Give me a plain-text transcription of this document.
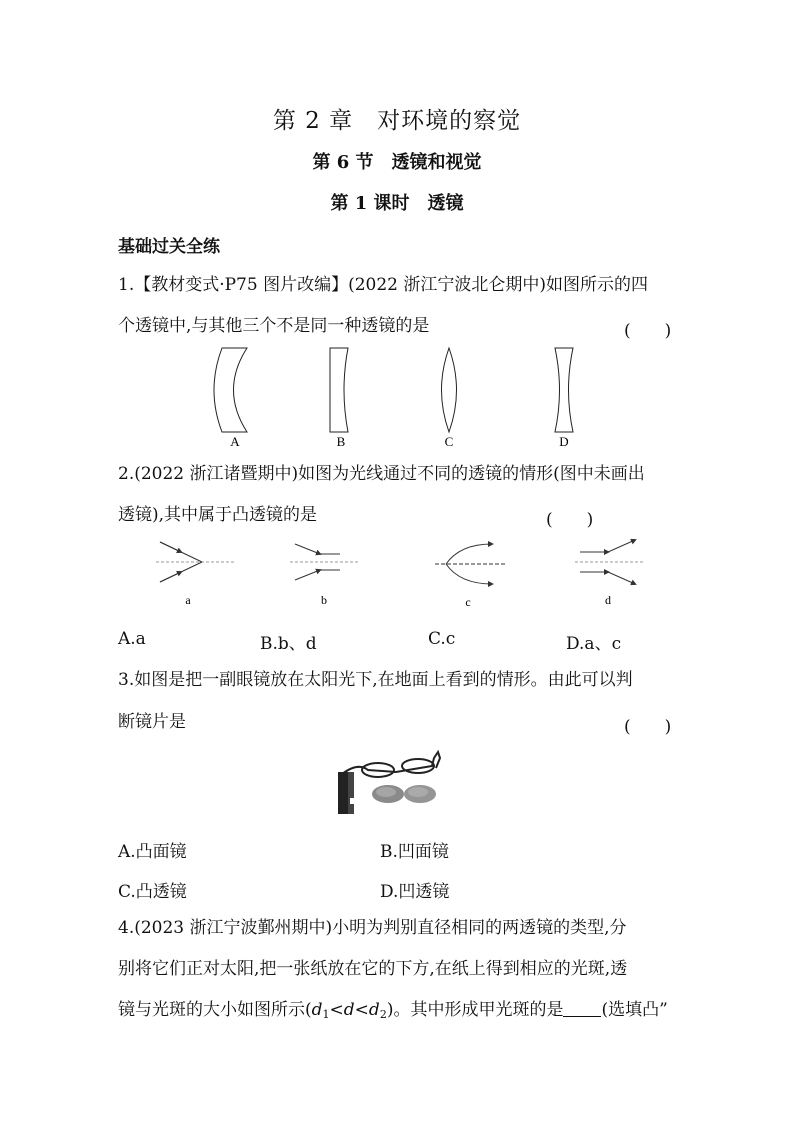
第 2 章　对环境的察觉
第 6 节　透镜和视觉
第 1 课时　透镜
基础过关全练
1.【教材变式·P75 图片改编】(2022 浙江宁波北仑期中)如图所示的四
个透镜中,与其他三个不是同一种透镜的是	(　　)
A	B	C	D
2.(2022 浙江诸暨期中)如图为光线通过不同的透镜的情形(图中未画出
透镜),其中属于凸透镜的是	(　　)
a	b	c	d
A.a	B.b、d	C.c	D.a、c
3.如图是把一副眼镜放在太阳光下,在地面上看到的情形。由此可以判
断镜片是	(　　)
A.凸面镜	B.凹面镜
C.凸透镜	D.凹透镜
4.(2023 浙江宁波鄞州期中)小明为判别直径相同的两透镜的类型,分
别将它们正对太阳,把一张纸放在它的下方,在纸上得到相应的光斑,透
镜与光斑的大小如图所示(d1<d<d2)。其中形成甲光斑的是 (选填凸”
